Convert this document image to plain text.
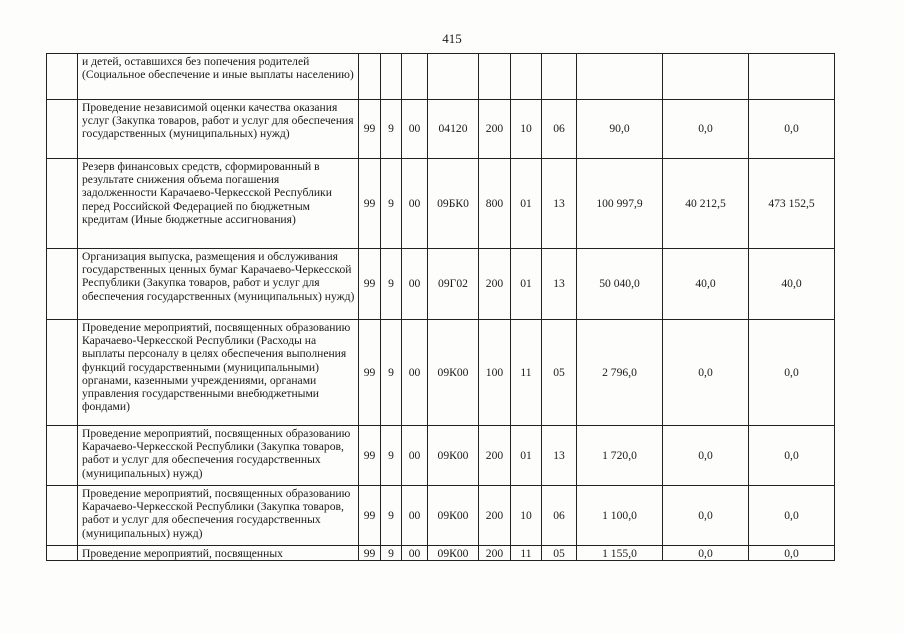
415
	и детей, оставшихся без попечения родителей (Социальное обеспечение и иные выплаты населению)										
	Проведение независимой оценки качества оказания услуг (Закупка товаров, работ и услуг для обеспечения государственных (муниципальных) нужд)	99	9	00	04120	200	10	06	90,0	0,0	0,0
	Резерв финансовых средств, сформированный в результате снижения объема погашения задолженности Карачаево-Черкесской Республики перед Российской Федерацией по бюджетным кредитам (Иные бюджетные ассигнования)	99	9	00	09БК0	800	01	13	100 997,9	40 212,5	473 152,5
	Организация выпуска, размещения и обслуживания государственных ценных бумаг Карачаево-Черкесской Республики (Закупка товаров, работ и услуг для обеспечения государственных (муниципальных) нужд)	99	9	00	09Г02	200	01	13	50 040,0	40,0	40,0
	Проведение мероприятий, посвященных образованию Карачаево-Черкесской Республики (Расходы на выплаты персоналу в целях обеспечения выполнения функций государственными (муниципальными) органами, казенными учреждениями, органами управления государственными внебюджетными фондами)	99	9	00	09К00	100	11	05	2 796,0	0,0	0,0
	Проведение мероприятий, посвященных образованию Карачаево-Черкесской Республики (Закупка товаров, работ и услуг для обеспечения государственных (муниципальных) нужд)	99	9	00	09К00	200	01	13	1 720,0	0,0	0,0
	Проведение мероприятий, посвященных образованию Карачаево-Черкесской Республики (Закупка товаров, работ и услуг для обеспечения государственных (муниципальных) нужд)	99	9	00	09К00	200	10	06	1 100,0	0,0	0,0
	Проведение мероприятий, посвященных	99	9	00	09К00	200	11	05	1 155,0	0,0	0,0
